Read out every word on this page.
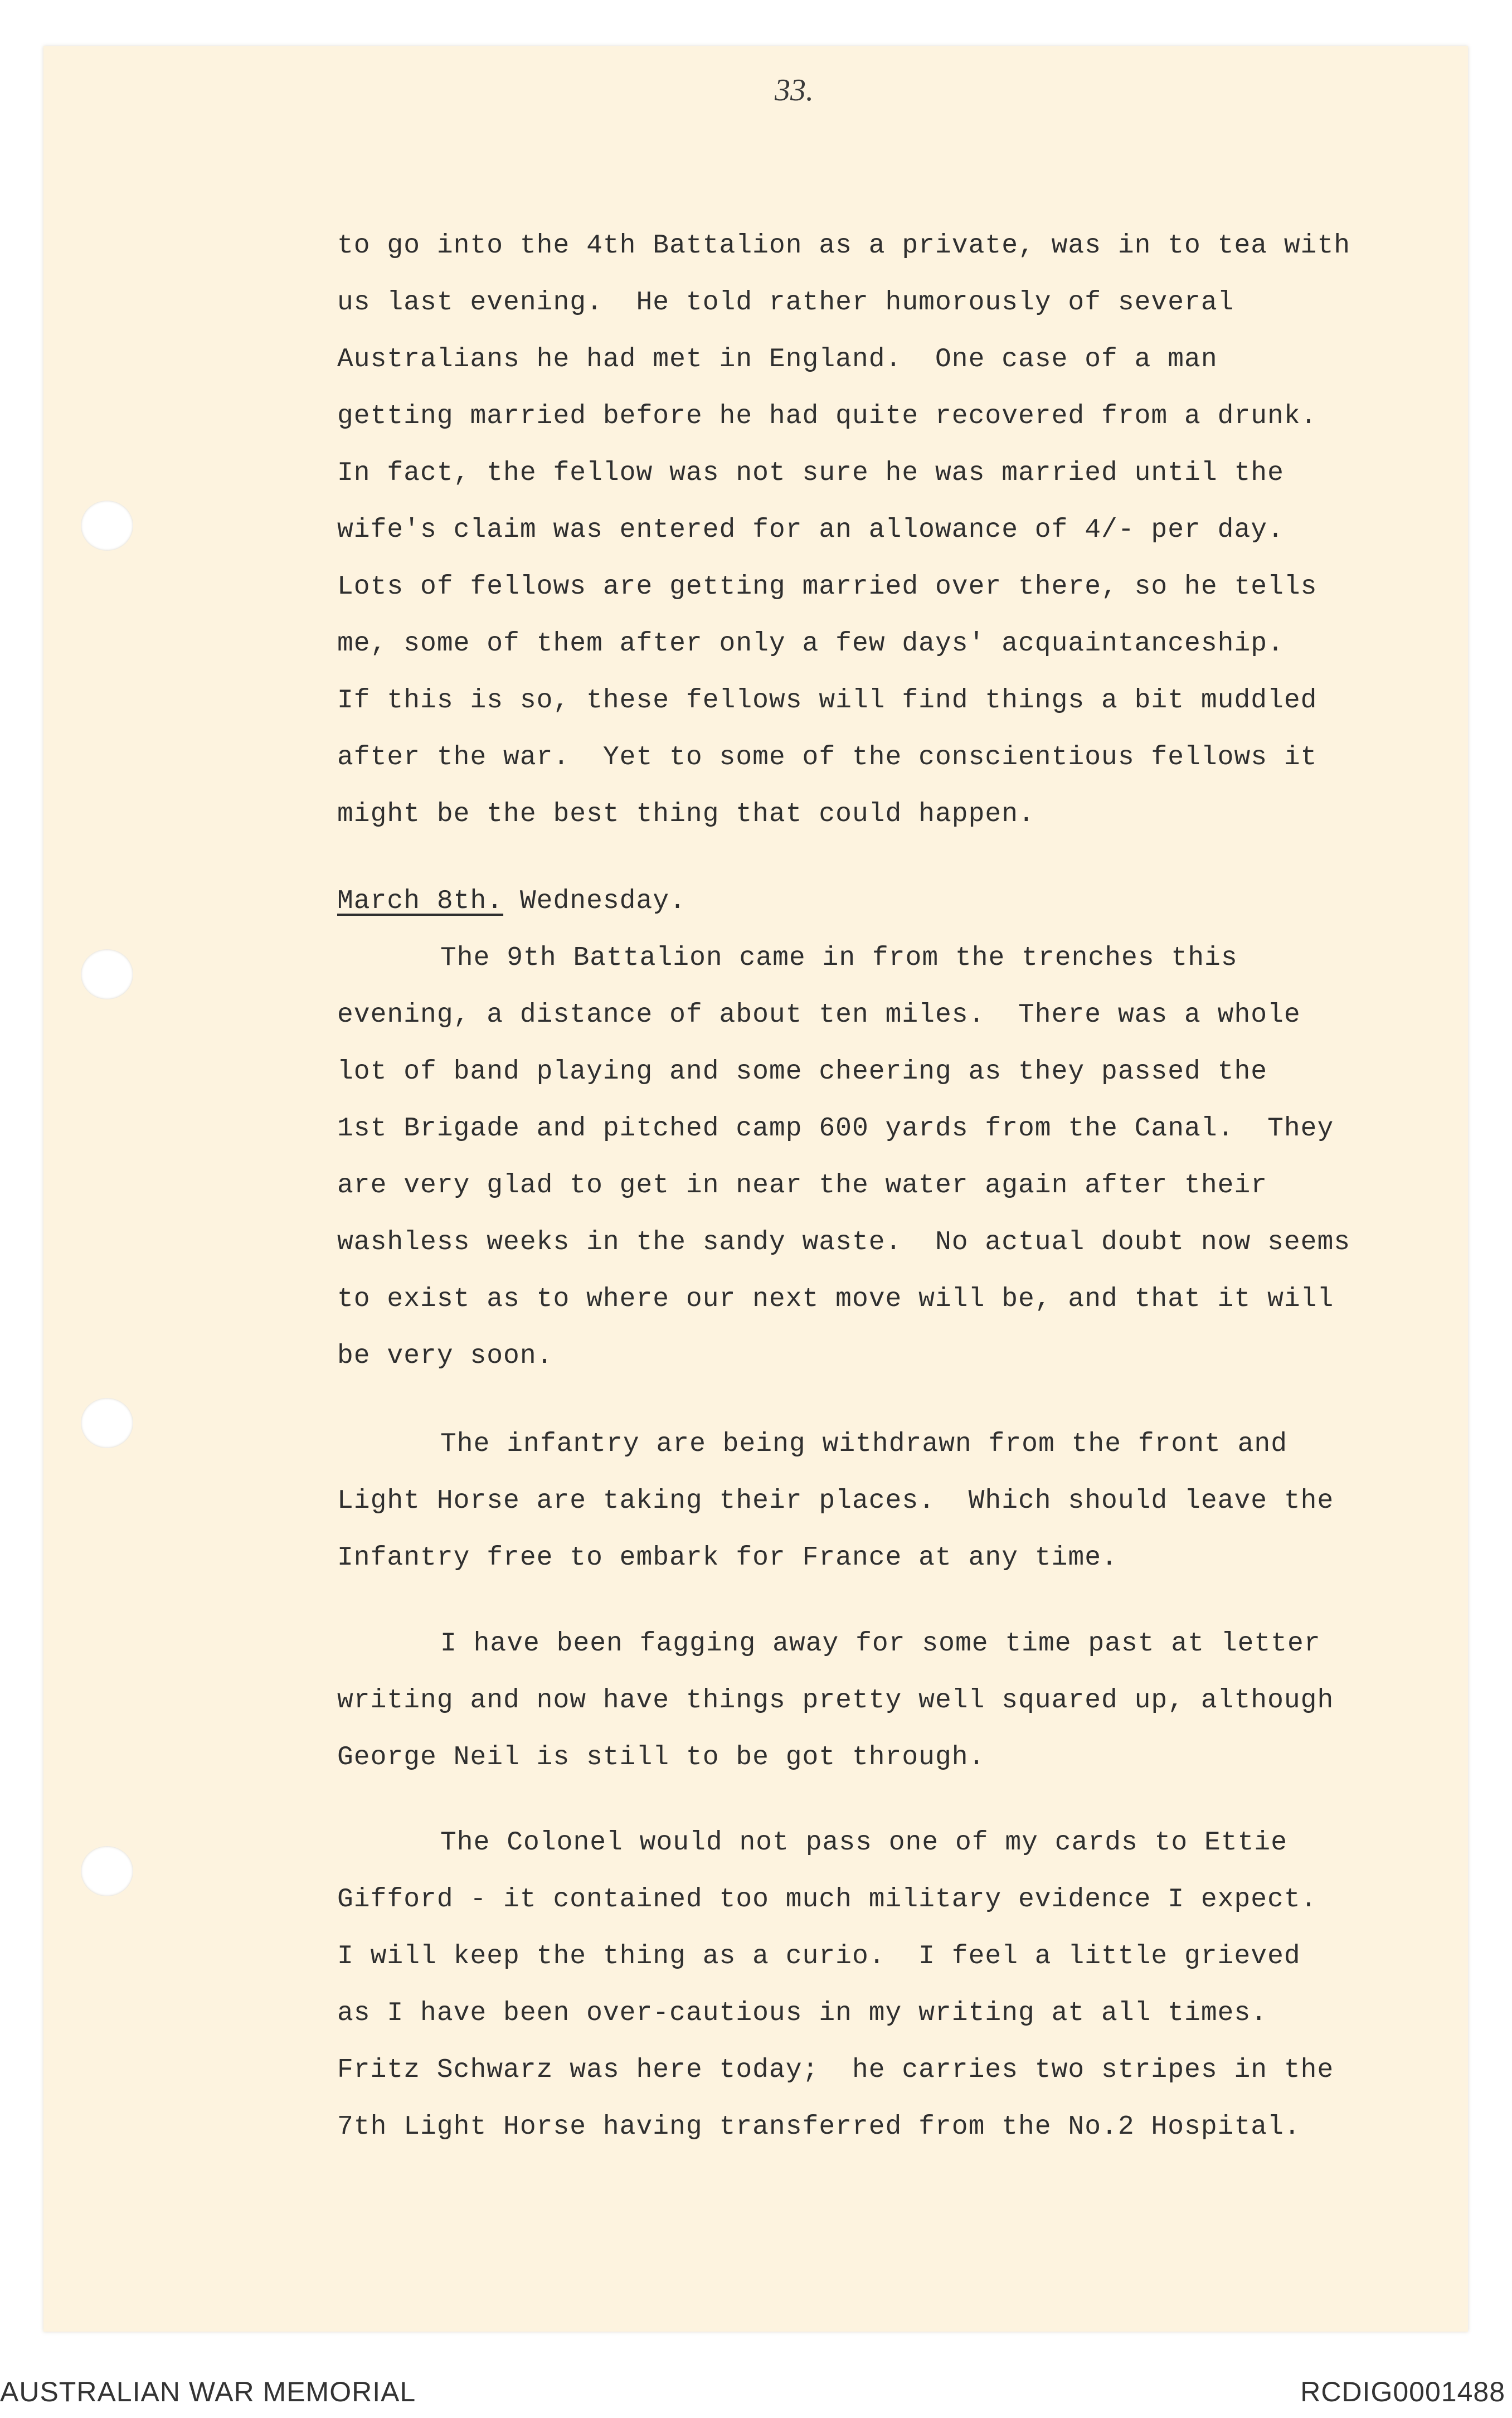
33.
to go into the 4th Battalion as a private, was in to tea with
us last evening.  He told rather humorously of several
Australians he had met in England.  One case of a man
getting married before he had quite recovered from a drunk.
In fact, the fellow was not sure he was married until the
wife's claim was entered for an allowance of 4/- per day.
Lots of fellows are getting married over there, so he tells
me, some of them after only a few days' acquaintanceship.
If this is so, these fellows will find things a bit muddled
after the war.  Yet to some of the conscientious fellows it
might be the best thing that could happen.
March 8th. Wednesday.
The 9th Battalion came in from the trenches this
evening, a distance of about ten miles.  There was a whole
lot of band playing and some cheering as they passed the
1st Brigade and pitched camp 600 yards from the Canal.  They
are very glad to get in near the water again after their
washless weeks in the sandy waste.  No actual doubt now seems
to exist as to where our next move will be, and that it will
be very soon.
The infantry are being withdrawn from the front and
Light Horse are taking their places.  Which should leave the
Infantry free to embark for France at any time.
I have been fagging away for some time past at letter
writing and now have things pretty well squared up, although
George Neil is still to be got through.
The Colonel would not pass one of my cards to Ettie
Gifford - it contained too much military evidence I expect.
I will keep the thing as a curio.  I feel a little grieved
as I have been over-cautious in my writing at all times.
Fritz Schwarz was here today;  he carries two stripes in the
7th Light Horse having transferred from the No.2 Hospital.
AUSTRALIAN WAR MEMORIAL	RCDIG0001488
